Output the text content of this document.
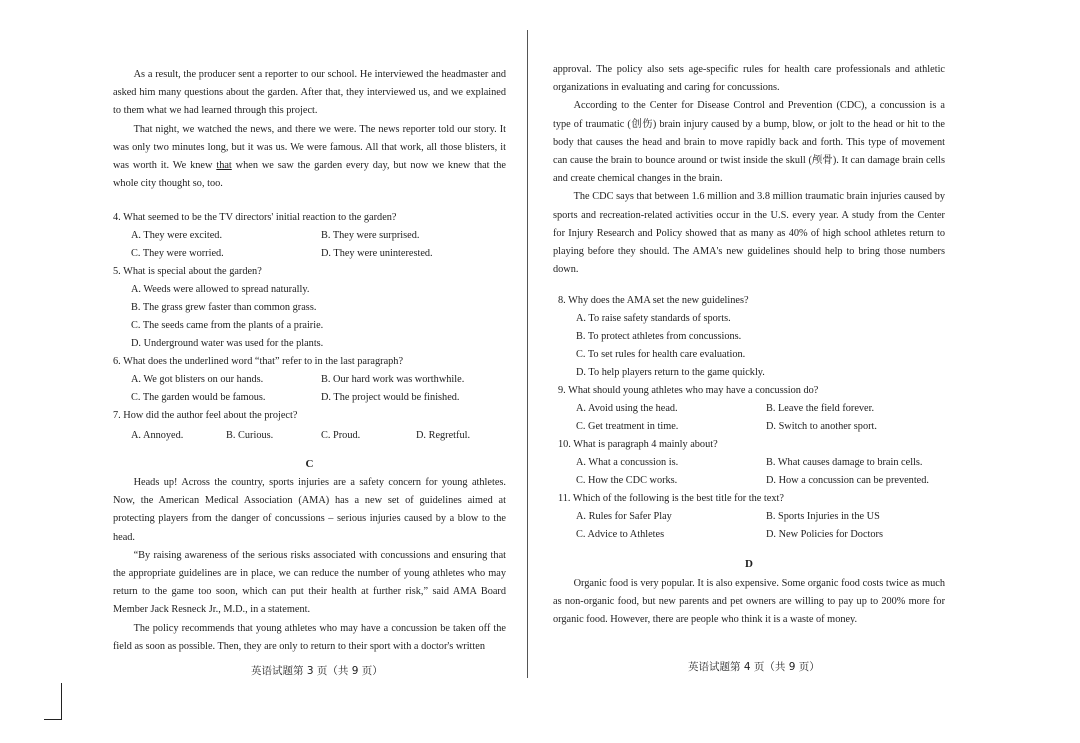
As a result, the producer sent a reporter to our school. He interviewed the headmaster and asked him many questions about the garden. After that, they interviewed us, and we explained to them what we had learned through this project.

That night, we watched the news, and there we were. The news reporter told our story. It was only two minutes long, but it was us. We were famous. All that work, all those blisters, it was worth it. We knew that when we saw the garden every day, but now we knew that the whole city thought so, too.

4. What seemed to be the TV directors' initial reaction to the garden?
A. They were excited.	B. They were surprised.
C. They were worried.	D. They were uninterested.
5. What is special about the garden?
A. Weeds were allowed to spread naturally.
B. The grass grew faster than common grass.
C. The seeds came from the plants of a prairie.
D. Underground water was used for the plants.
6. What does the underlined word “that” refer to in the last paragraph?
A. We got blisters on our hands.	B. Our hard work was worthwhile.
C. The garden would be famous.	D. The project would be finished.
7. How did the author feel about the project?
A. Annoyed.	B. Curious.	C. Proud.	D. Regretful.
C

Heads up! Across the country, sports injuries are a safety concern for young athletes. Now, the American Medical Association (AMA) has a new set of guidelines aimed at protecting players from the danger of concussions – serious injuries caused by a blow to the head.

“By raising awareness of the serious risks associated with concussions and ensuring that the appropriate guidelines are in place, we can reduce the number of young athletes who may return to the game too soon, which can put their health at further risk,” said AMA Board Member Jack Resneck Jr., M.D., in a statement.

The policy recommends that young athletes who may have a concussion be taken off the field as soon as possible. Then, they are only to return to their sport with a doctor's written

英语试题第 3 页（共 9 页）

approval. The policy also sets age-specific rules for health care professionals and athletic organizations in evaluating and caring for concussions.

According to the Center for Disease Control and Prevention (CDC), a concussion is a type of traumatic (创伤) brain injury caused by a bump, blow, or jolt to the head or hit to the body that causes the head and brain to move rapidly back and forth. This type of movement can cause the brain to bounce around or twist inside the skull (颅骨). It can damage brain cells and create chemical changes in the brain.

The CDC says that between 1.6 million and 3.8 million traumatic brain injuries caused by sports and recreation-related activities occur in the U.S. every year. A study from the Center for Injury Research and Policy showed that as many as 40% of high school athletes return to playing before they should. The AMA's new guidelines should help to bring those numbers down.

8. Why does the AMA set the new guidelines?
A. To raise safety standards of sports.
B. To protect athletes from concussions.
C. To set rules for health care evaluation.
D. To help players return to the game quickly.
9. What should young athletes who may have a concussion do?
A. Avoid using the head.	B. Leave the field forever.
C. Get treatment in time.	D. Switch to another sport.
10. What is paragraph 4 mainly about?
A. What a concussion is.	B. What causes damage to brain cells.
C. How the CDC works.	D. How a concussion can be prevented.
11. Which of the following is the best title for the text?
A. Rules for Safer Play	B. Sports Injuries in the US
C. Advice to Athletes	D. New Policies for Doctors
D

Organic food is very popular. It is also expensive. Some organic food costs twice as much as non-organic food, but new parents and pet owners are willing to pay up to 200% more for organic food. However, there are people who think it is a waste of money.

英语试题第 4 页（共 9 页）
